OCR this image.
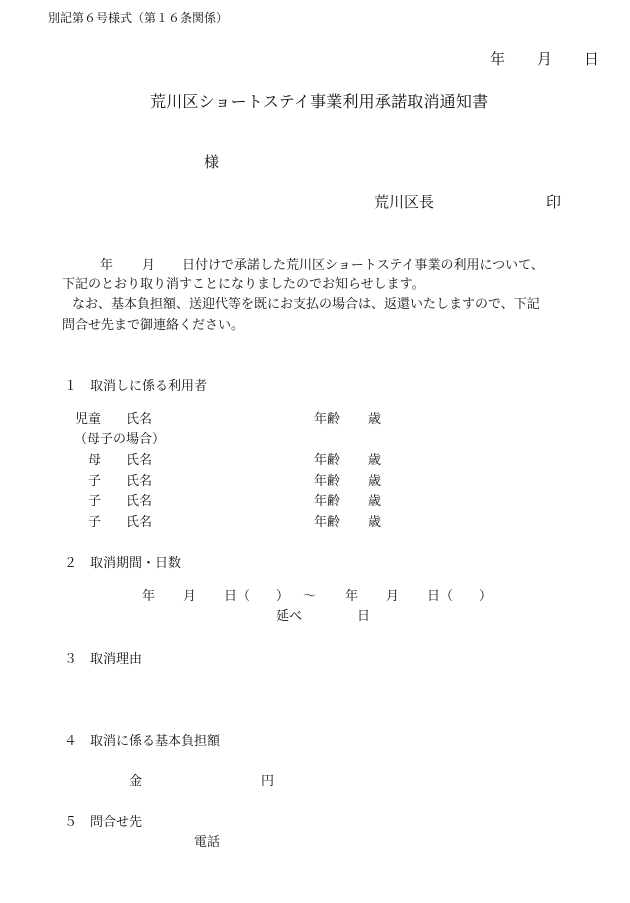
別記第６号様式（第１６条関係）
年 月 日
荒川区ショートステイ事業利用承諾取消通知書
様
荒川区長	印
年 月 日付けで承諾した荒川区ショートステイ事業の利用について、
下記のとおり取り消すことになりましたのでお知らせします。
なお、基本負担額、送迎代等を既にお支払の場合は、返還いたしますので、下記
問合せ先まで御連絡ください。
１ 取消しに係る利用者
児童 氏名	年齢 歳
（母子の場合）
母 氏名	年齢 歳
子 氏名	年齢 歳
子 氏名	年齢 歳
子 氏名	年齢 歳
２ 取消期間・日数
年 月 日（ ） ～ 年 月 日（ ）
延べ	日
３ 取消理由
４ 取消に係る基本負担額
金	円
５ 問合せ先
電話
